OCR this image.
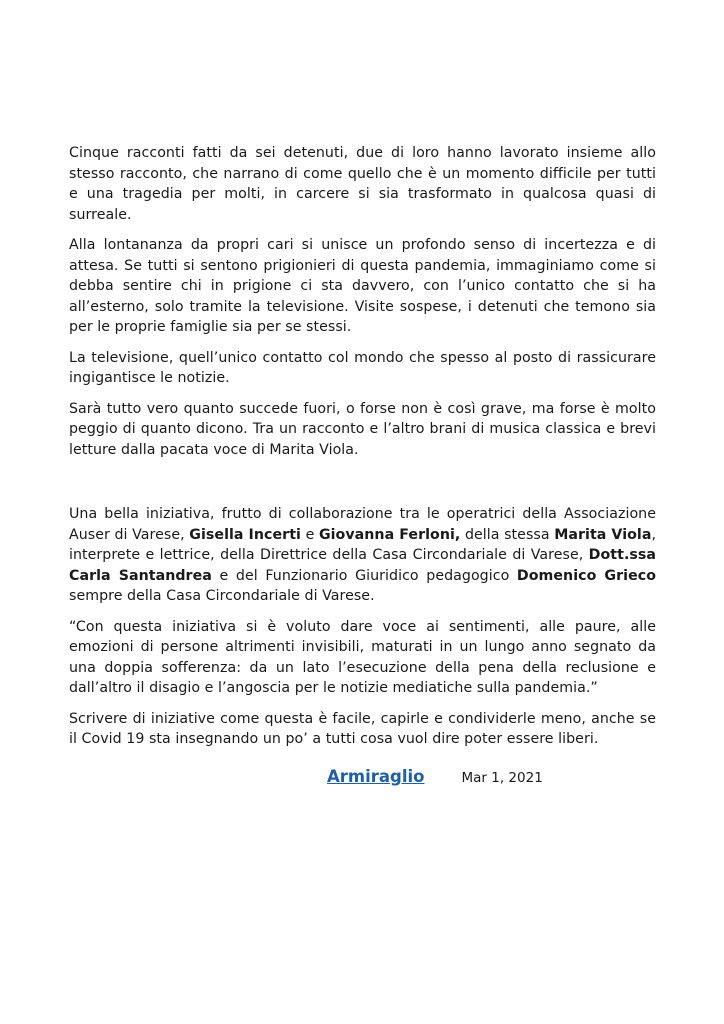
Cinque racconti fatti da sei detenuti, due di loro hanno lavorato insieme allo stesso racconto, che narrano di come quello che è un momento difficile per tutti e una tragedia per molti, in carcere si sia trasformato in qualcosa quasi di surreale.

Alla lontananza da propri cari si unisce un profondo senso di incertezza e di attesa. Se tutti si sentono prigionieri di questa pandemia, immaginiamo come si debba sentire chi in prigione ci sta davvero, con l’unico contatto che si ha all’esterno, solo tramite la televisione. Visite sospese, i detenuti che temono sia per le proprie famiglie sia per se stessi.

La televisione, quell’unico contatto col mondo che spesso al posto di rassicurare ingigantisce le notizie.

Sarà tutto vero quanto succede fuori, o forse non è così grave, ma forse è molto peggio di quanto dicono. Tra un racconto e l’altro brani di musica classica e brevi letture dalla pacata voce di Marita Viola.

Una bella iniziativa, frutto di collaborazione tra le operatrici della Associazione Auser di Varese, Gisella Incerti e Giovanna Ferloni, della stessa Marita Viola, interprete e lettrice, della Direttrice della Casa Circondariale di Varese, Dott.ssa Carla Santandrea e del Funzionario Giuridico pedagogico Domenico Grieco sempre della Casa Circondariale di Varese.

“Con questa iniziativa si è voluto dare voce ai sentimenti, alle paure, alle emozioni di persone altrimenti invisibili, maturati in un lungo anno segnato da una doppia sofferenza: da un lato l’esecuzione della pena della reclusione e dall’altro il disagio e l’angoscia per le notizie mediatiche sulla pandemia.”

Scrivere di iniziative come questa è facile, capirle e condividerle meno, anche se il Covid 19 sta insegnando un po’ a tutti cosa vuol dire poter essere liberi.

Armiraglio	Mar 1, 2021
